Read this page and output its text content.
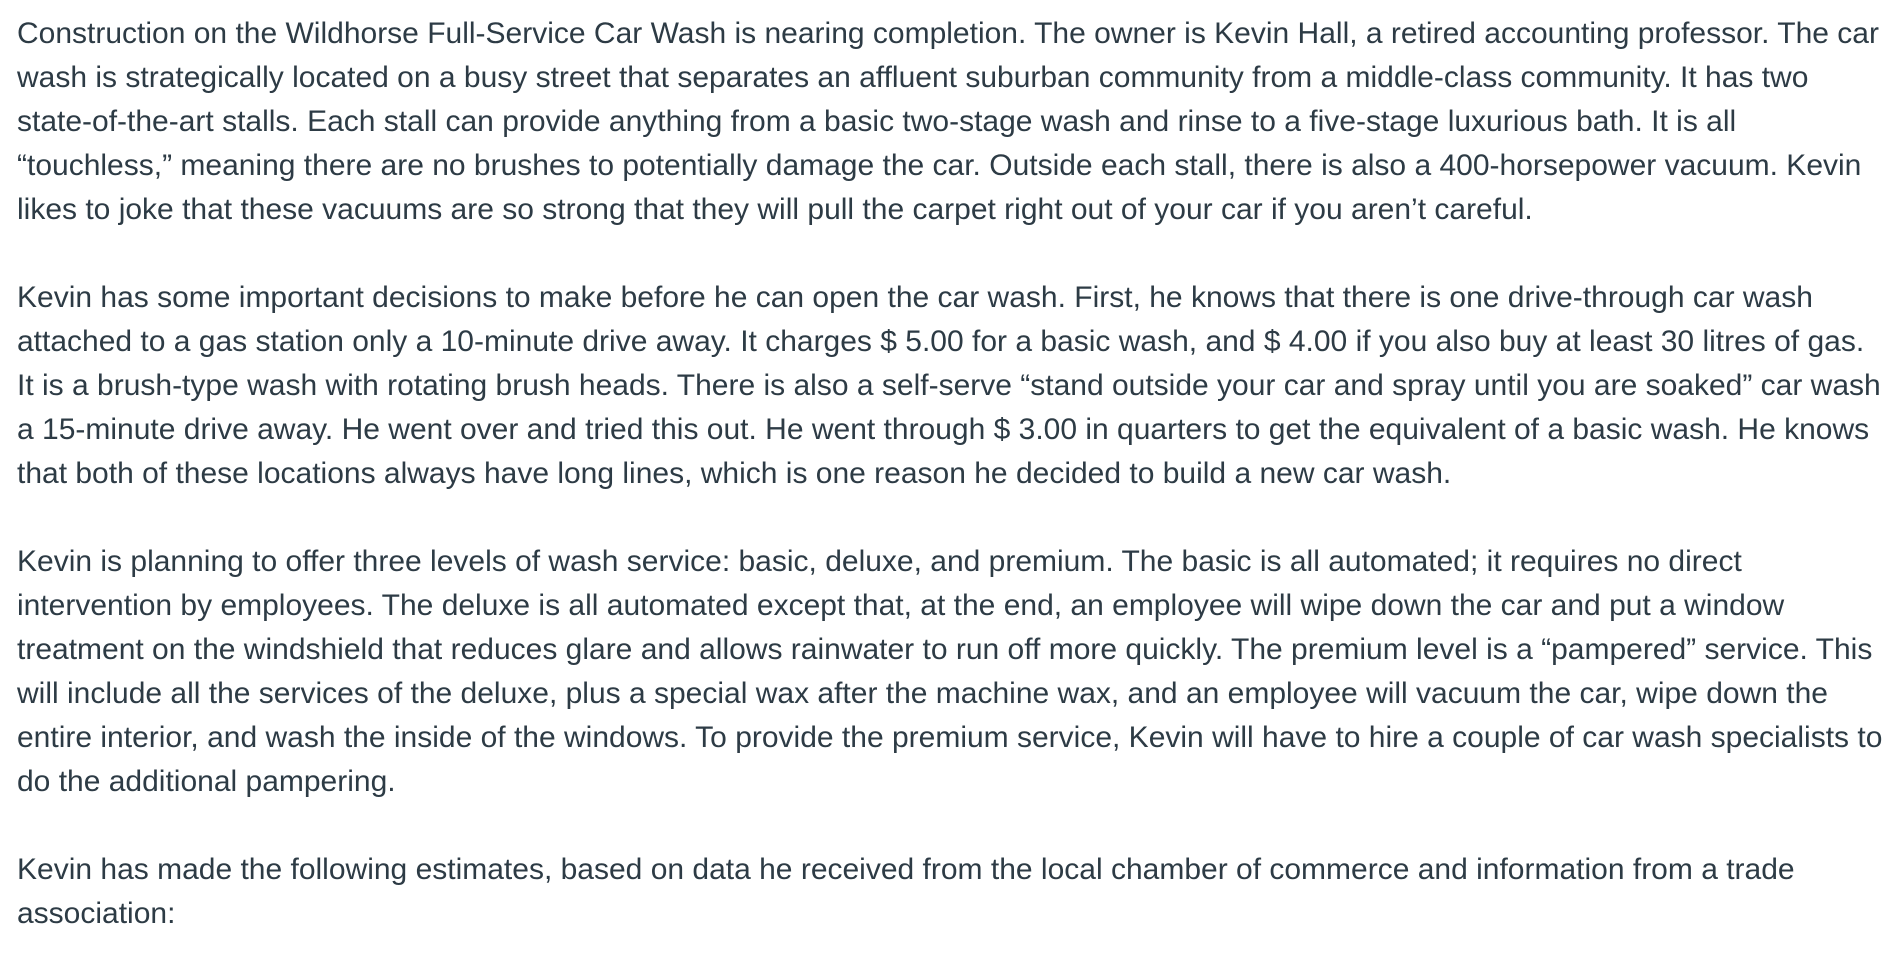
Construction on the Wildhorse Full-Service Car Wash is nearing completion. The owner is Kevin Hall, a retired accounting professor. The car wash is strategically located on a busy street that separates an affluent suburban community from a middle-class community. It has two state-of-the-art stalls. Each stall can provide anything from a basic two-stage wash and rinse to a five-stage luxurious bath. It is all “touchless,” meaning there are no brushes to potentially damage the car. Outside each stall, there is also a 400-horsepower vacuum. Kevin likes to joke that these vacuums are so strong that they will pull the carpet right out of your car if you aren’t careful.

Kevin has some important decisions to make before he can open the car wash. First, he knows that there is one drive-through car wash attached to a gas station only a 10-minute drive away. It charges $ 5.00 for a basic wash, and $ 4.00 if you also buy at least 30 litres of gas. It is a brush-type wash with rotating brush heads. There is also a self-serve “stand outside your car and spray until you are soaked” car wash a 15-minute drive away. He went over and tried this out. He went through $ 3.00 in quarters to get the equivalent of a basic wash. He knows that both of these locations always have long lines, which is one reason he decided to build a new car wash.

Kevin is planning to offer three levels of wash service: basic, deluxe, and premium. The basic is all automated; it requires no direct intervention by employees. The deluxe is all automated except that, at the end, an employee will wipe down the car and put a window treatment on the windshield that reduces glare and allows rainwater to run off more quickly. The premium level is a “pampered” service. This will include all the services of the deluxe, plus a special wax after the machine wax, and an employee will vacuum the car, wipe down the entire interior, and wash the inside of the windows. To provide the premium service, Kevin will have to hire a couple of car wash specialists to do the additional pampering.

Kevin has made the following estimates, based on data he received from the local chamber of commerce and information from a trade association:
